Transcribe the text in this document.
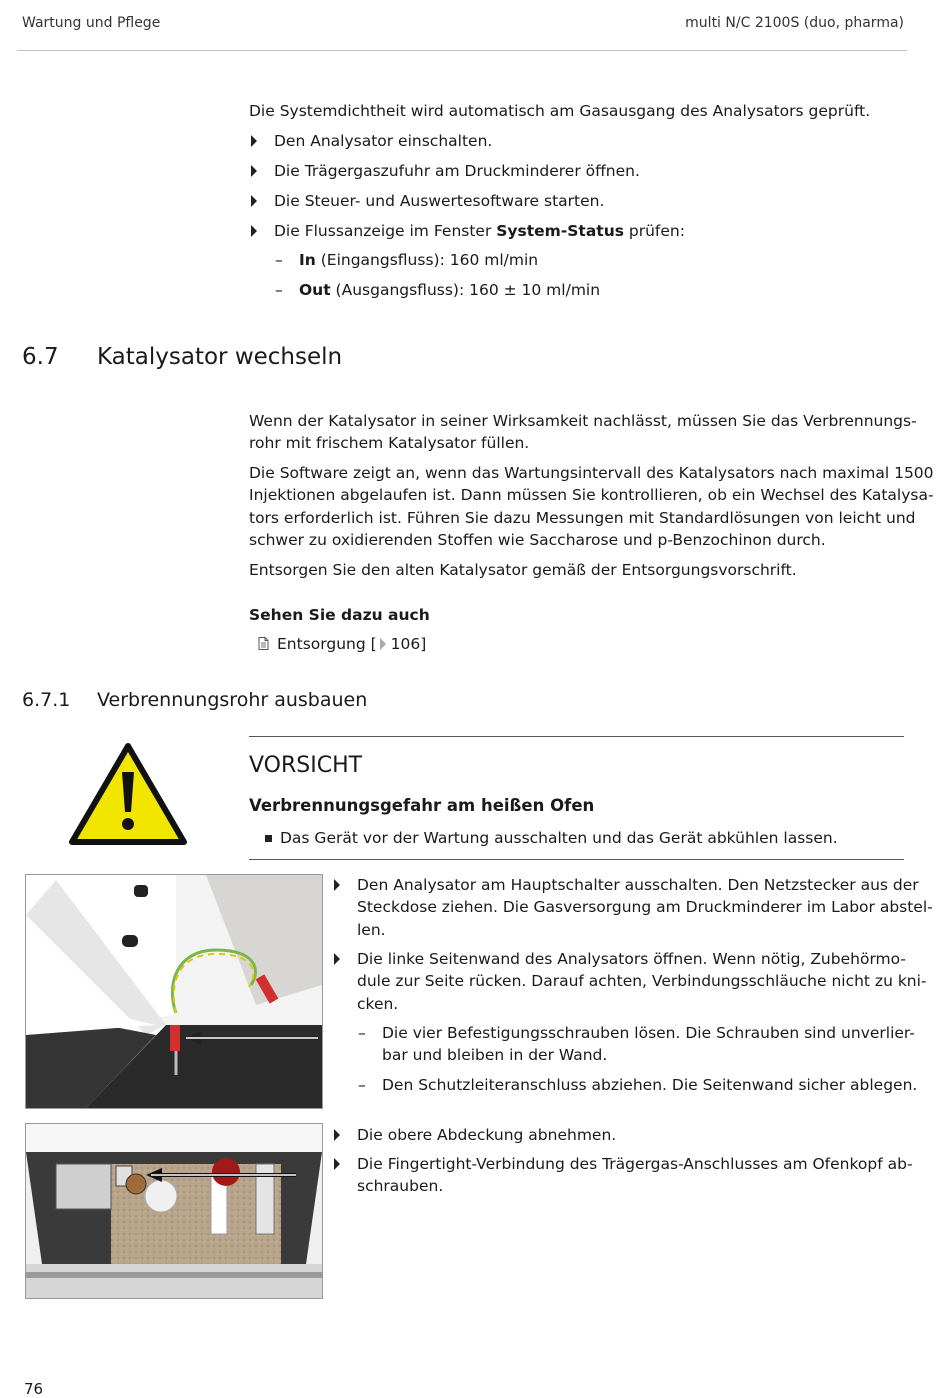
Wartung und Pflege	multi N/C 2100S (duo, pharma)
Die Systemdichtheit wird automatisch am Gasausgang des Analysators geprüft.
Den Analysator einschalten.
Die Trägergaszufuhr am Druckminderer öffnen.
Die Steuer- und Auswertesoftware starten.
Die Flussanzeige im Fenster System-Status prüfen:
– In (Eingangsfluss): 160 ml/min
– Out (Ausgangsfluss): 160 ± 10 ml/min
6.7 Katalysator wechseln
Wenn der Katalysator in seiner Wirksamkeit nachlässt, müssen Sie das Verbrennungs-
rohr mit frischem Katalysator füllen.
Die Software zeigt an, wenn das Wartungsintervall des Katalysators nach maximal 1500
Injektionen abgelaufen ist. Dann müssen Sie kontrollieren, ob ein Wechsel des Katalysa-
tors erforderlich ist. Führen Sie dazu Messungen mit Standardlösungen von leicht und
schwer zu oxidierenden Stoffen wie Saccharose und p-Benzochinon durch.
Entsorgen Sie den alten Katalysator gemäß der Entsorgungsvorschrift.
Sehen Sie dazu auch
Entsorgung [ 106]
6.7.1 Verbrennungsrohr ausbauen
VORSICHT
Verbrennungsgefahr am heißen Ofen
Das Gerät vor der Wartung ausschalten und das Gerät abkühlen lassen.
Den Analysator am Hauptschalter ausschalten. Den Netzstecker aus der
Steckdose ziehen. Die Gasversorgung am Druckminderer im Labor abstel-
len.
Die linke Seitenwand des Analysators öffnen. Wenn nötig, Zubehörmo-
dule zur Seite rücken. Darauf achten, Verbindungsschläuche nicht zu kni-
cken.
– Die vier Befestigungsschrauben lösen. Die Schrauben sind unverlier-
bar und bleiben in der Wand.
– Den Schutzleiteranschluss abziehen. Die Seitenwand sicher ablegen.
Die obere Abdeckung abnehmen.
Die Fingertight-Verbindung des Trägergas-Anschlusses am Ofenkopf ab-
schrauben.
76
